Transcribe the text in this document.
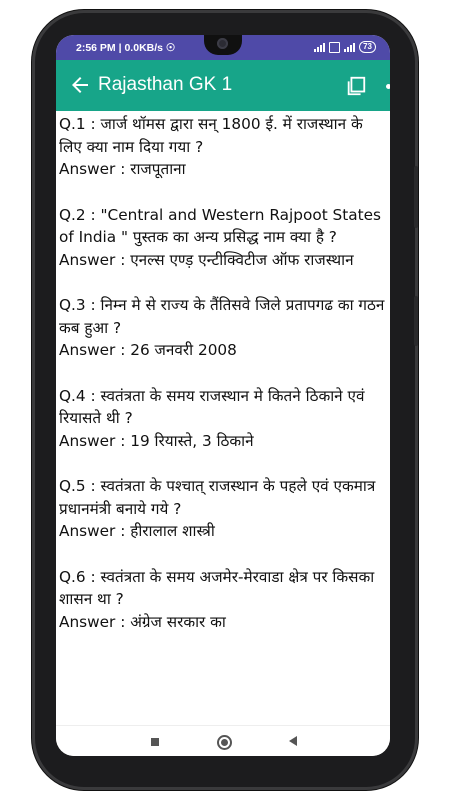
2:56 PM | 0.0KB/s ☉	73
Rajasthan GK 1
Q.1 : जार्ज थॉमस द्वारा सन् 1800 ई. में राजस्थान के लिए क्या नाम दिया गया ?
Answer : राजपूताना
Q.2 : "Central and Western Rajpoot States of India " पुस्तक का अन्य प्रसिद्ध नाम क्या है ?
Answer : एनल्स एण्ड़ एन्टीक्विटीज ऑफ राजस्थान
Q.3 : निम्न मे से राज्य के तैंतिसवे जिले प्रतापगढ का गठन कब हुआ ?
Answer : 26 जनवरी 2008
Q.4 : स्वतंत्रता के समय राजस्थान मे कितने ठिकाने एवं रियासते थी ?
Answer : 19 रियास्ते, 3 ठिकाने
Q.5 : स्वतंत्रता के पश्चात् राजस्थान के पहले एवं एकमात्र प्रधानमंत्री बनाये गये ?
Answer : हीरालाल शास्त्री
Q.6 : स्वतंत्रता के समय अजमेर-मेरवाडा क्षेत्र पर किसका शासन था ?
Answer : अंग्रेज सरकार का
